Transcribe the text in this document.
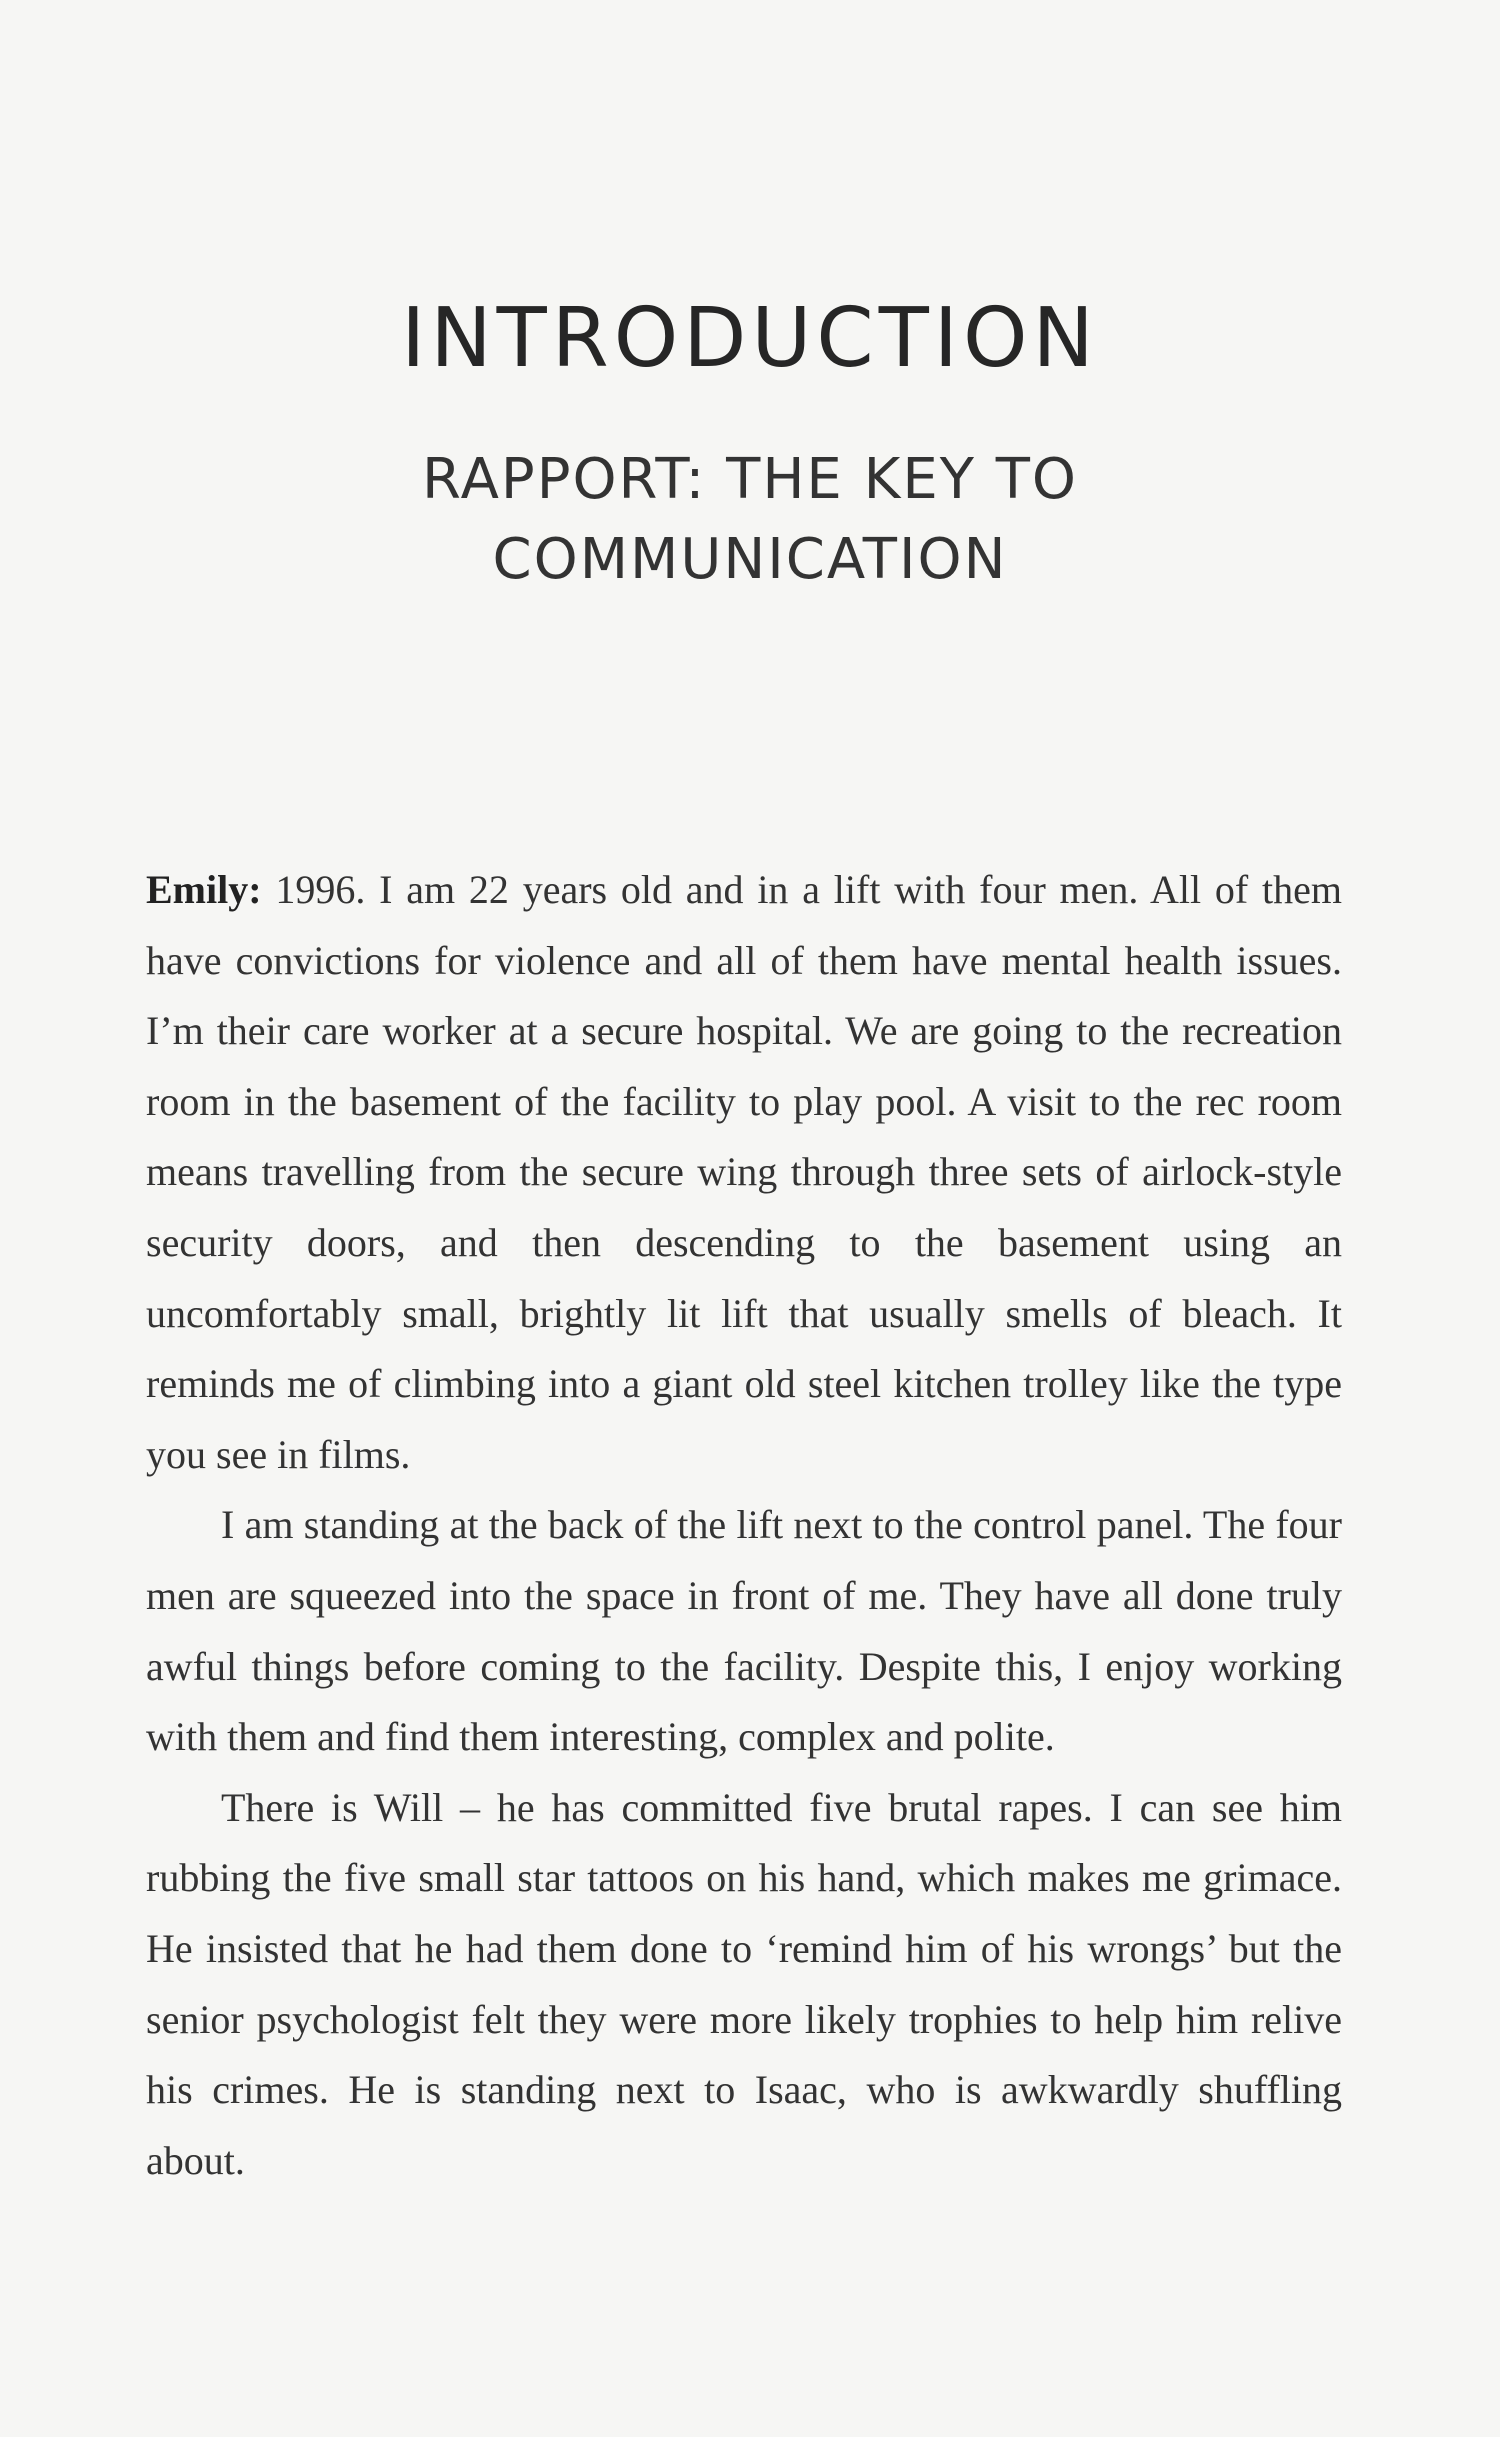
INTRODUCTION
RAPPORT: THE KEY TO
COMMUNICATION

Emily: 1996. I am 22 years old and in a lift with four men. All of them have convictions for violence and all of them have mental health issues. I’m their care worker at a secure hospital. We are going to the recreation room in the basement of the facility to play pool. A visit to the rec room means travelling from the secure wing through three sets of airlock-style security doors, and then descending to the basement using an uncomfortably small, brightly lit lift that usually smells of bleach. It reminds me of climbing into a giant old steel kitchen trolley like the type you see in films.

I am standing at the back of the lift next to the control panel. The four men are squeezed into the space in front of me. They have all done truly awful things before coming to the facility. Despite this, I enjoy working with them and find them interesting, complex and polite.

There is Will – he has committed five brutal rapes. I can see him rubbing the five small star tattoos on his hand, which makes me grimace. He insisted that he had them done to ‘remind him of his wrongs’ but the senior psychologist felt they were more likely trophies to help him relive his crimes. He is standing next to Isaac, who is awkwardly shuffling about.
